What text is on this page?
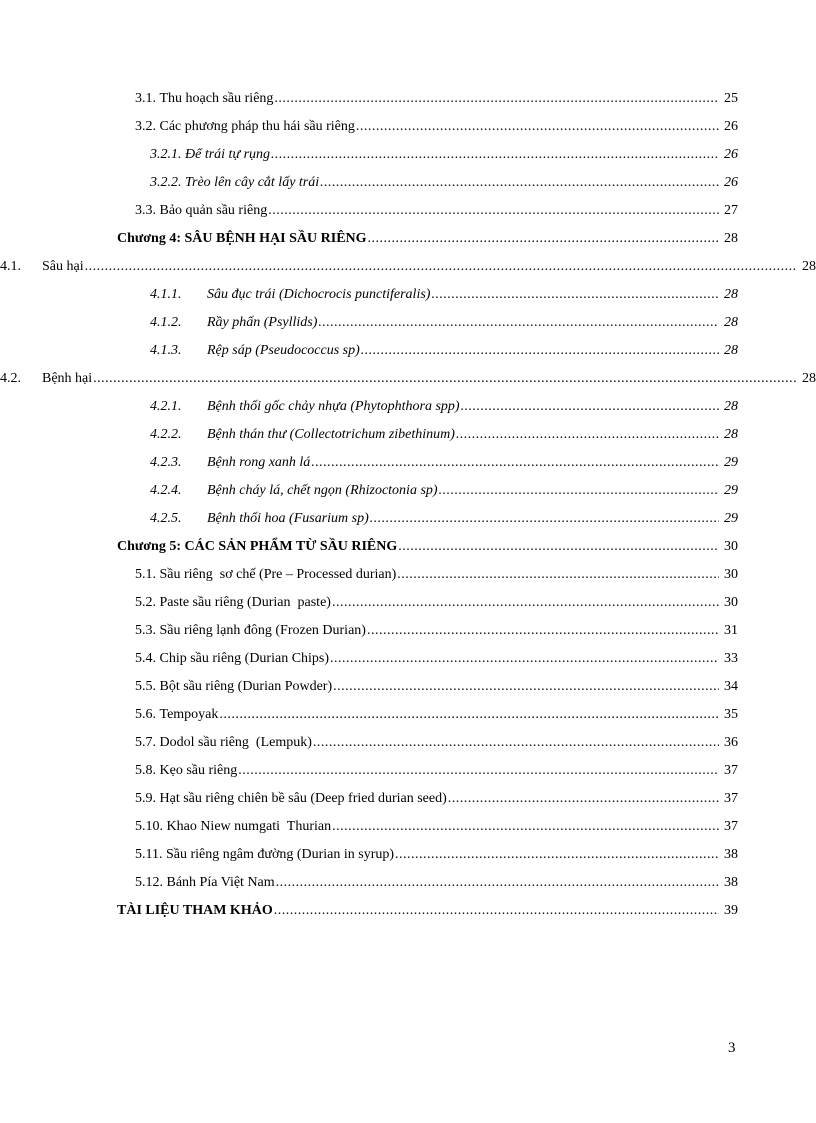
3.1. Thu hoạch sầu riêng .....	25
3.2. Các phương pháp thu hái sầu riêng .....	26
3.2.1. Để trái tự rụng .....	26
3.2.2. Trèo lên cây cắt lấy trái .....	26
3.3. Bảo quản sầu riêng .....	27
Chương 4: SÂU BỆNH HẠI SẦU RIÊNG .....	28
4.1.	Sâu hại .....	28
4.1.1.	Sâu đục trái (Dichocrocis punctiferalis) .....	28
4.1.2.	Rầy phấn (Psyllids) .....	28
4.1.3.	Rệp sáp (Pseudococcus sp) .....	28
4.2.	Bệnh hại .....	28
4.2.1.	Bệnh thối gốc chảy nhựa (Phytophthora spp) .....	28
4.2.2.	Bệnh thán thư (Collectotrichum zibethinum) .....	28
4.2.3.	Bệnh rong xanh lá .....	29
4.2.4.	Bệnh cháy lá, chết ngọn (Rhizoctonia sp) .....	29
4.2.5.	Bệnh thối hoa (Fusarium sp) .....	29
Chương 5: CÁC SẢN PHẨM TỪ SẦU RIÊNG .....	30
5.1. Sầu riêng  sơ chế (Pre – Processed durian) .....	30
5.2. Paste sầu riêng (Durian  paste) .....	30
5.3. Sầu riêng lạnh đông (Frozen Durian) .....	31
5.4. Chip sầu riêng (Durian Chips) .....	33
5.5. Bột sầu riêng (Durian Powder) .....	34
5.6. Tempoyak .....	35
5.7. Dodol sầu riêng  (Lempuk) .....	36
5.8. Kẹo sầu riêng .....	37
5.9. Hạt sầu riêng chiên bề sâu (Deep fried durian seed) .....	37
5.10. Khao Niew numgati  Thurian .....	37
5.11. Sầu riêng ngâm đường (Durian in syrup) .....	38
5.12. Bánh Pía Việt Nam .....	38
TÀI LIỆU THAM KHẢO .....	39
3
